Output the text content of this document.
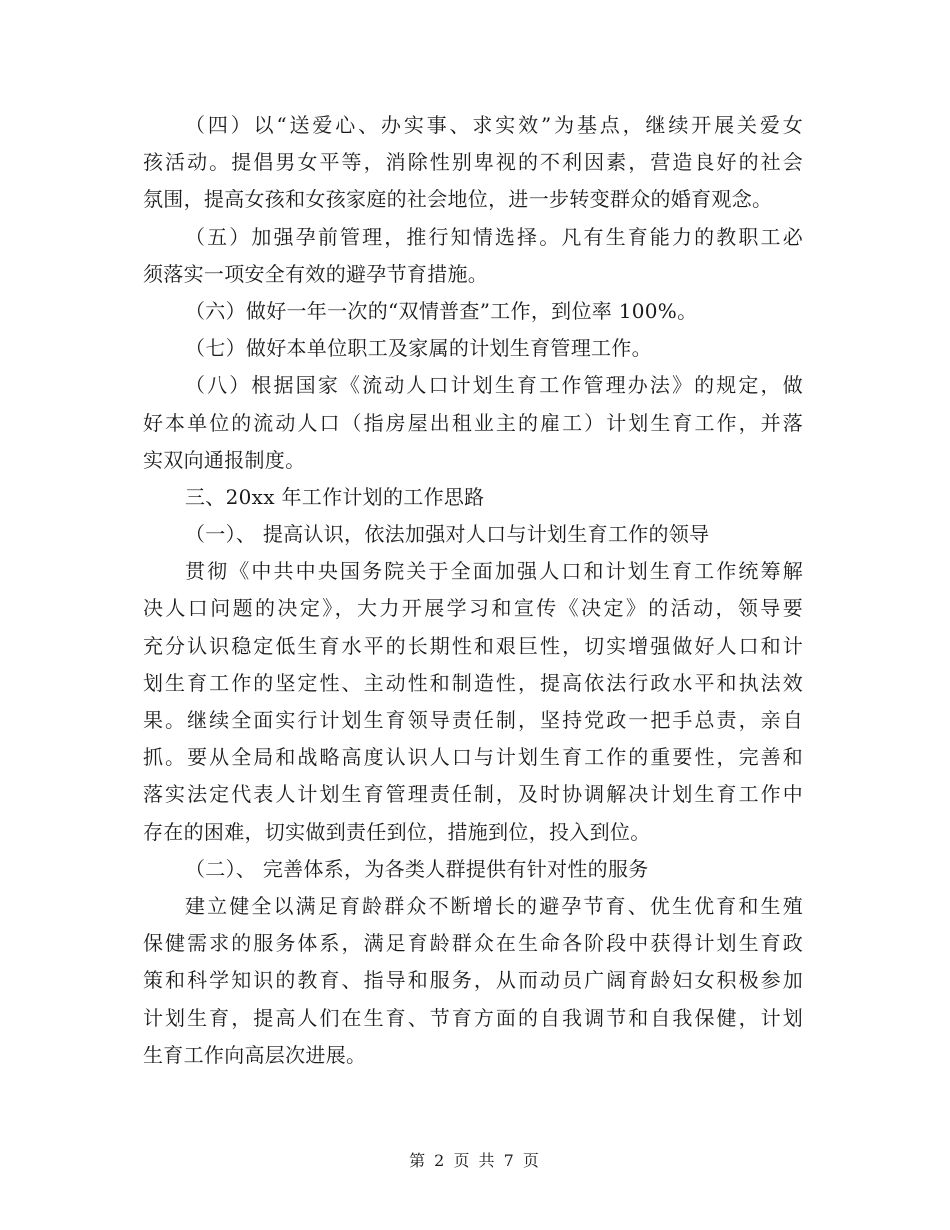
（四）以“送爱心、办实事、求实效”为基点，继续开展关爱女
孩活动。提倡男女平等，消除性别卑视的不利因素，营造良好的社会
氛围，提高女孩和女孩家庭的社会地位，进一步转变群众的婚育观念。
（五）加强孕前管理，推行知情选择。凡有生育能力的教职工必
须落实一项安全有效的避孕节育措施。
（六）做好一年一次的“双情普查”工作，到位率 100%。
（七）做好本单位职工及家属的计划生育管理工作。
（八）根据国家《流动人口计划生育工作管理办法》的规定，做
好本单位的流动人口（指房屋出租业主的雇工）计划生育工作，并落
实双向通报制度。
三、20xx 年工作计划的工作思路
（一）、 提高认识，依法加强对人口与计划生育工作的领导
贯彻《中共中央国务院关于全面加强人口和计划生育工作统筹解
决人口问题的决定》，大力开展学习和宣传《决定》的活动，领导要
充分认识稳定低生育水平的长期性和艰巨性，切实增强做好人口和计
划生育工作的坚定性、主动性和制造性，提高依法行政水平和执法效
果。继续全面实行计划生育领导责任制，坚持党政一把手总责，亲自
抓。要从全局和战略高度认识人口与计划生育工作的重要性，完善和
落实法定代表人计划生育管理责任制，及时协调解决计划生育工作中
存在的困难，切实做到责任到位，措施到位，投入到位。
（二）、 完善体系，为各类人群提供有针对性的服务
建立健全以满足育龄群众不断增长的避孕节育、优生优育和生殖
保健需求的服务体系，满足育龄群众在生命各阶段中获得计划生育政
策和科学知识的教育、指导和服务，从而动员广阔育龄妇女积极参加
计划生育，提高人们在生育、节育方面的自我调节和自我保健，计划
生育工作向高层次进展。
第 2 页 共 7 页
